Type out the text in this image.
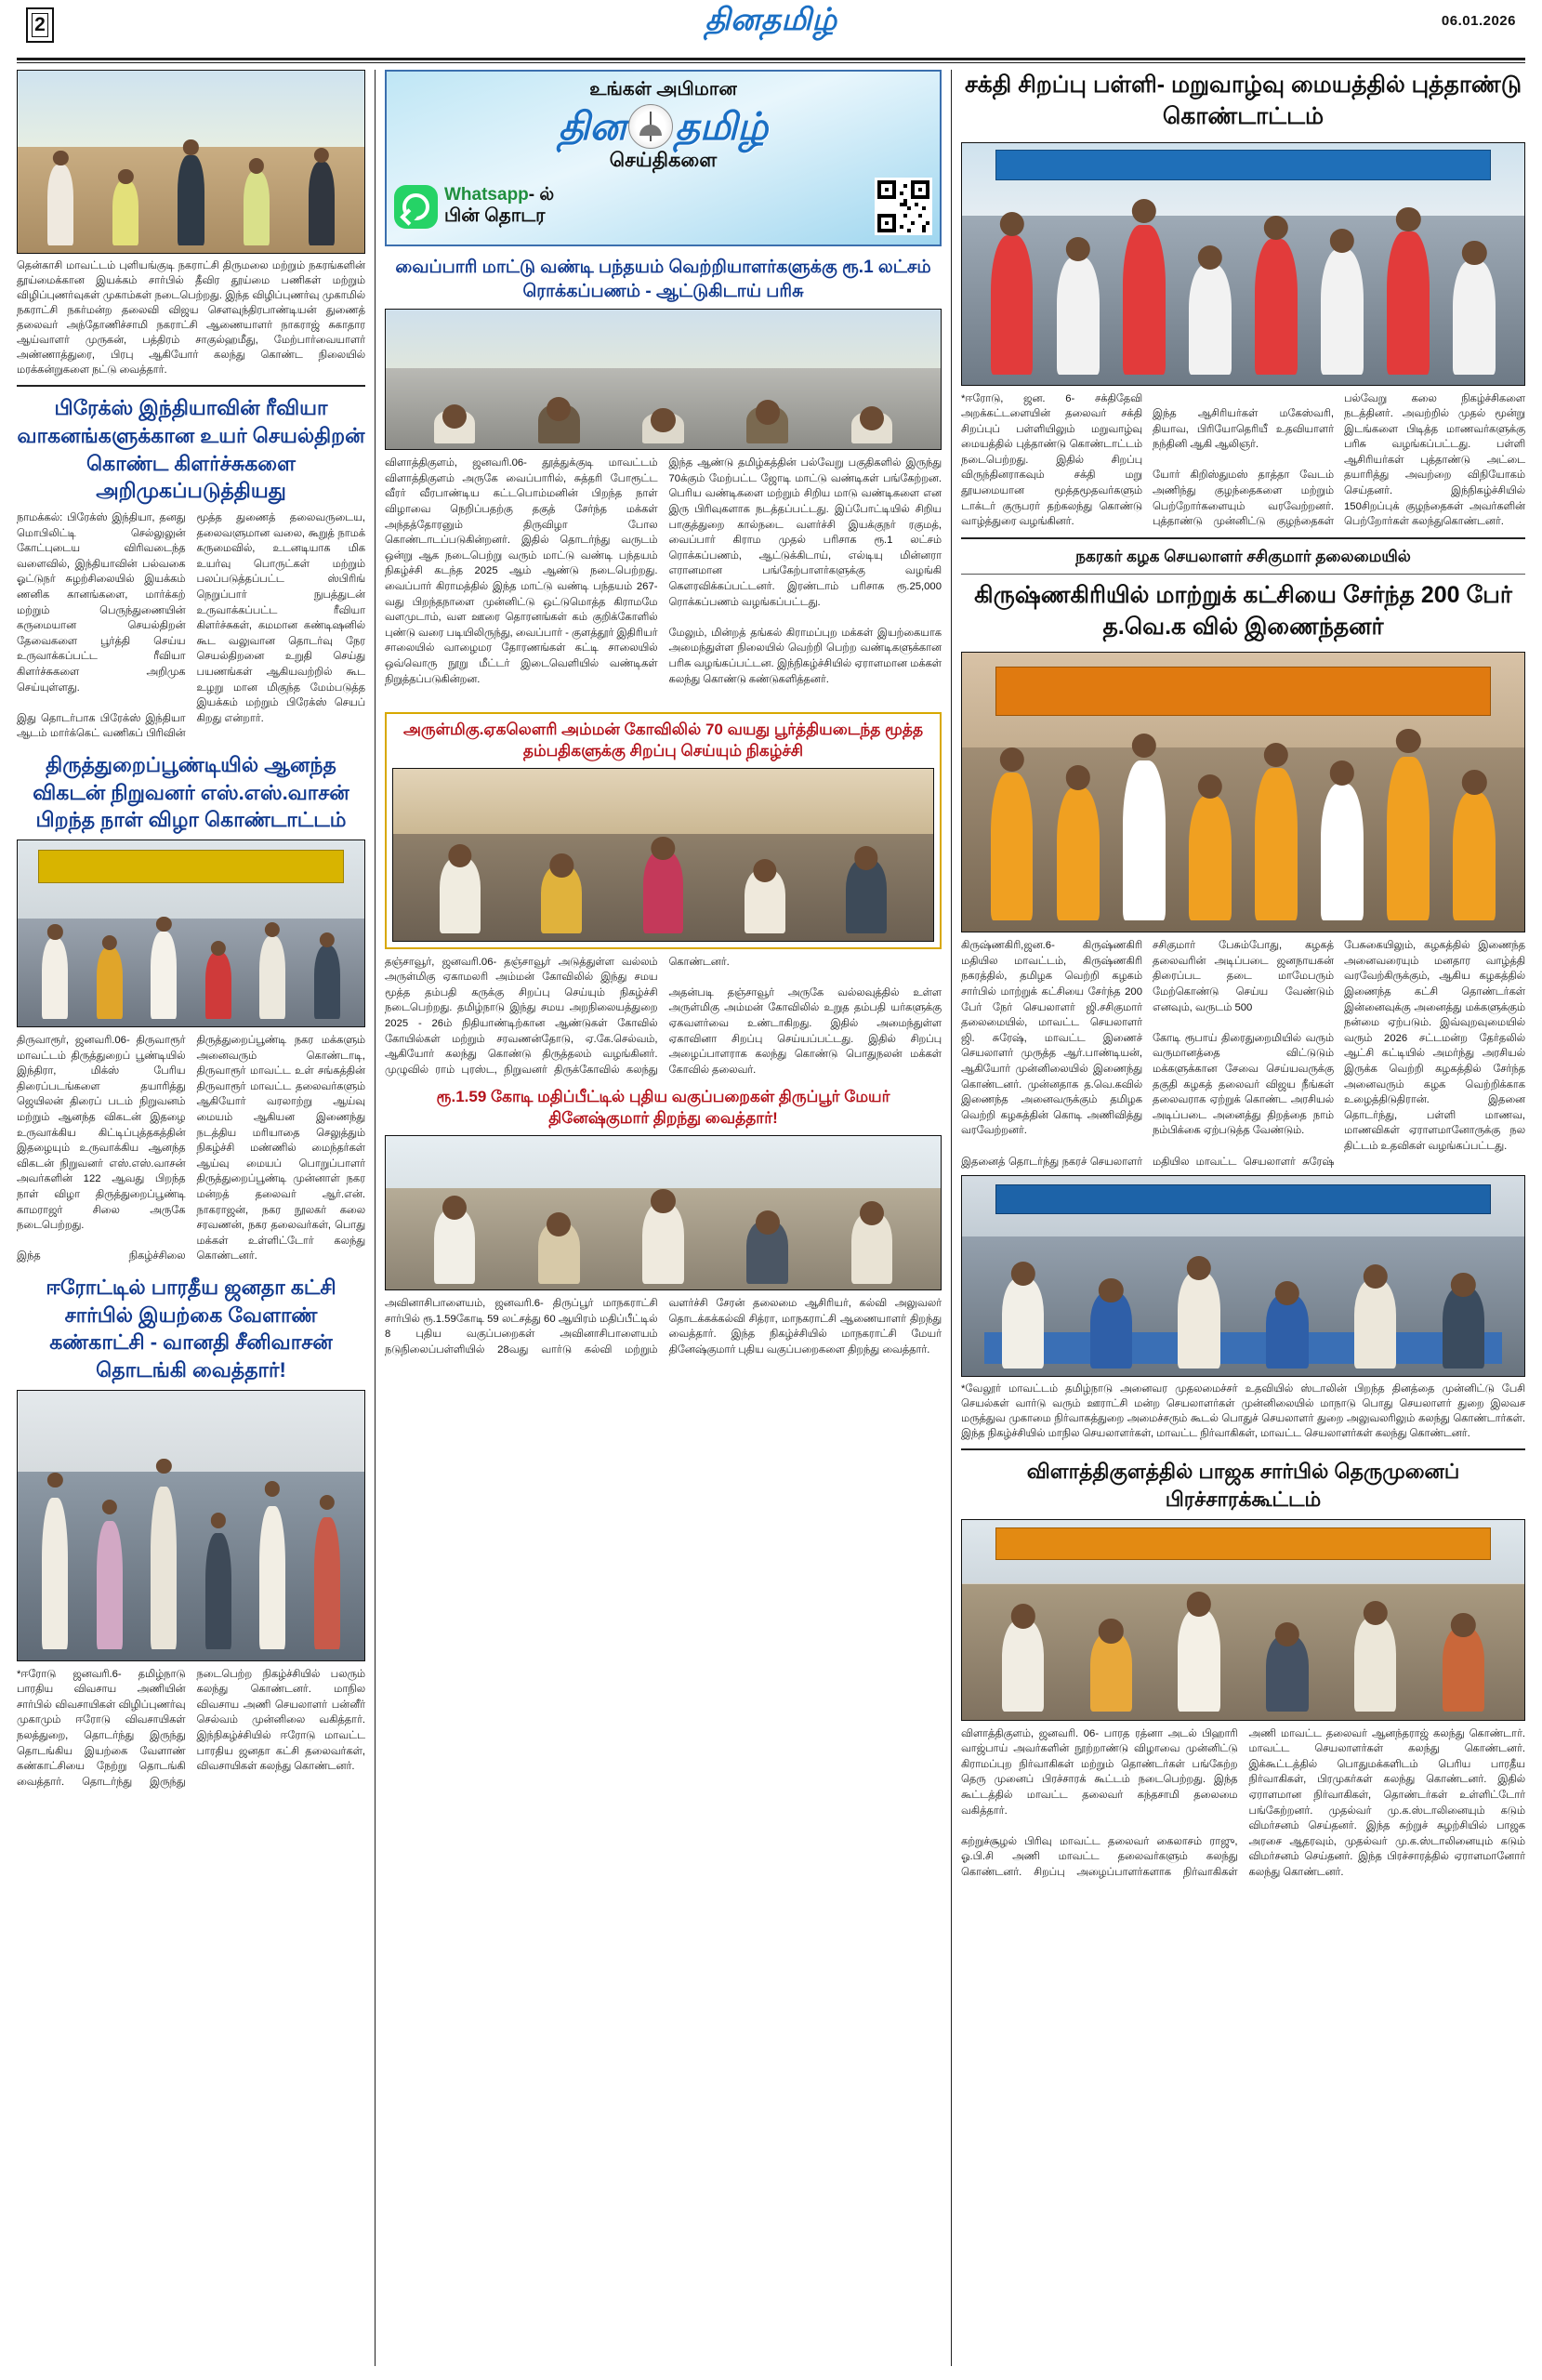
2	தினதமிழ்	06.01.2026
தென்காசி மாவட்டம் புளியங்குடி நகராட்சி திருமலை மற்றும் நகரங்களின் தூய்மைக்கான இயக்கம் சார்பில் தீவிர தூய்மை பணிகள் மற்றும் விழிப்புணர்வுகள் முகாம்கள் நடைபெற்றது. இந்த விழிப்புணர்வு முகாமில் நகராட்சி நகர்மன்ற தலைவி விஜய சௌவுந்திரபாண்டியன் துணைத் தலைவர் அந்தோணிச்சாமி நகராட்சி ஆணையாளர் நாகராஜ் சுகாதார ஆய்வாளர் முருகன், பத்திரம் சாகுல்ஹமீது, மேற்பார்வையாளர் அண்ணாத்துரை, பிரபு ஆகியோர் கலந்து கொண்ட நிலையில் மரக்கன்றுகளை நட்டு வைத்தார்.
பிரேக்ஸ் இந்தியாவின் ரீவியா வாகனங்களுக்கான உயர் செயல்திறன் கொண்ட கிளர்ச்சுகளை அறிமுகப்படுத்தியது
நாமக்கல்: பிரேக்ஸ் இந்தியா, தனது மொபிலிட்டி செல்லுலுன் கோட்புடைய விரிவடைந்த வளைவில், இந்தியாவின் பல்வகை ஓட்டுநர் சுழற்சிலையில் இயக்கம் ணனிக கானங்களை, மார்க்கற் மற்றும் பெருந்துணையின் கருமையான செயல்திறன் தேவைகளை பூர்த்தி செய்ய உருவாக்கப்பட்ட ரீவியா கிளர்ச்சுகளை அறிமுக செய்யுள்ளது.

இது தொடர்பாக பிரேக்ஸ் இந்தியா ஆடம் மார்க்கெட் வணிகப் பிரிவின் மூத்த துணைத் தலைவருடைய, தலைவளுமான வலை, கூறுத் நாமக் கருமைவில், உடனடியாக மிக உயர்வு பொருட்கள் மற்றும் பலப்படுத்தப்பட்ட ஸ்பிரிங் நெறுப்பார் நுபத்துடன் உருவாக்கப்பட்ட ரீவியா கிளர்ச்சுகள், கமமான கண்டிஷனில் கூட வலுவான தொடர்வு நேர செயல்திறனை உறுதி செய்து பயணங்கள் ஆகியவற்றில் கூட உழறு மான மிகுந்த மேம்படுத்த இயக்கம் மற்றும் பிரேக்ஸ் செயப் கிறது என்றார்.
திருத்துறைப்பூண்டியில் ஆனந்த விகடன் நிறுவனர் எஸ்.எஸ்.வாசன் பிறந்த நாள் விழா கொண்டாட்டம்
திருவாரூர், ஜனவரி.06- திருவாரூர் மாவட்டம் திருத்துறைப் பூண்டியில் இந்திரா, மிக்ஸ் பேரிய திரைப்படங்களை தயாரித்து ஜெயிலன் திரைப் படம் நிறுவனம் மற்றும் ஆனந்த விகடன் இதழை உருவாக்கிய கிட்டிப்புத்தகத்தின் இதழையும் உருவாக்கிய ஆனந்த விகடன் நிறுவனர் எஸ்.எஸ்.வாசன் அவர்களின் 122 ஆவது பிறந்த நாள் விழா திருத்துறைப்பூண்டி காமராஜர் சிலை அருகே நடைபெற்றது.

இந்த நிகழ்ச்சிலை திருத்துறைப்பூண்டி நகர மக்களும் அனைவரும் கொண்டாடி, திருவாரூர் மாவட்ட உள் சங்கத்தின் திருவாரூர் மாவட்ட தலைவர்களும் ஆகியோர் வரலாற்று ஆய்வு மையம் ஆகியன இணைந்து நடத்திய மரியாதை செலுத்தும் நிகழ்ச்சி மண்ணில் மைந்தர்கள் ஆய்வு மையப் பொறுப்பாளர் திருத்துறைப்பூண்டி முன்னாள் நகர மன்றத் தலைவர் ஆர்.என். நாகராஜன், நகர நூலகர் கலை சரவணன், நகர தலைவர்கள், பொது மக்கள் உள்ளிட்டோர் கலந்து கொண்டனர்.
ஈரோட்டில் பாரதீய ஜனதா கட்சி சார்பில் இயற்கை வேளாண் கண்காட்சி - வானதி சீனிவாசன் தொடங்கி வைத்தார்!
*ஈரோடு ஜனவரி.6- தமிழ்நாடு பாரதிய விவசாய அணியின் சார்பில் விவசாயிகள் விழிப்புணர்வு முகாமும் ஈரோடு விவசாயிகள் நலத்துறை, தொடர்ந்து இருந்து தொடங்கிய இயற்கை வேளாண் கண்காட்சியை நேற்று தொடங்கி வைத்தார். தொடர்ந்து இருந்து நடைபெற்ற நிகழ்ச்சியில் பலரும் கலந்து கொண்டனர். மாநில விவசாய அணி செயலாளர் பன்னீர் செல்வம் முன்னிலை வகித்தார். இந்நிகழ்ச்சியில் ஈரோடு மாவட்ட பாரதிய ஜனதா கட்சி தலைவர்கள், விவசாயிகள் கலந்து கொண்டனர்.
உங்கள் அபிமான
தின தமிழ்
செய்திகளை
Whatsapp- ல்
பின் தொடர
வைப்பாரி மாட்டு வண்டி பந்தயம் வெற்றியாளர்களுக்கு ரூ.1 லட்சம் ரொக்கப்பணம் - ஆட்டுகிடாய் பரிசு
விளாத்திகுளம், ஜனவரி.06- தூத்துக்குடி மாவட்டம் விளாத்திகுளம் அருகே வைப்பாரில், சுத்தரி போரூட்ட வீரர் வீரபாண்டிய கட்டபொம்மனின் பிறந்த நாள் விழாவை நெறிப்பதற்கு தகுத் சேர்ந்த மக்கள் அந்தத்தோரனும் திருவிழா போல கொண்டாடப்படுகின்றனர். இதில் தொடர்ந்து வருடம் ஒன்று ஆக நடைபெற்று வரும் மாட்டு வண்டி பந்தயம் நிகழ்ச்சி கடந்த 2025 ஆம் ஆண்டு நடைபெற்றது. வைப்பார் கிராமத்தில் இந்த மாட்டு வண்டி பந்தயம் 267-வது பிறந்தநாளை முன்னிட்டு ஒட்டுமொத்த கிராமமே வளமுடாம், வள ஊரை தொரனங்கள் கம் குறிக்கோளில் புண்டு வரை படியிலிருந்து, வைப்பார் - குளத்தூர் இதிரியர் சாலையில் வாழைமர தோரணங்கள் கட்டி சாலையில் ஒவ்வொரு நூறு மீட்டர் இடைவெளியில் வண்டிகள் நிறுத்தப்படுகின்றன.

இந்த ஆண்டு தமிழ்கத்தின் பல்வேறு பகுதிகளில் இருந்து 70க்கும் மேற்பட்ட ஜோடி மாட்டு வண்டிகள் பங்கேற்றன. பெரிய வண்டிகளை மற்றும் சிறிய மாடு வண்டிகளை என இரு பிரிவுகளாக நடத்தப்பட்டது. இப்போட்டியில் சிறிய பாகுத்துறை கால்நடை வளர்ச்சி இயக்குநர் ரகுமத், வைப்பார் கிராம முதல் பரிசாக ரூ.1 லட்சம் ரொக்கப்பணம், ஆட்டுக்கிடாய், எல்டியு மின்னரா எரானமான பங்கேற்பாளர்களுக்கு வழங்கி கௌரவிக்கப்பட்டனர். இரண்டாம் பரிசாக ரூ.25,000 ரொக்கப்பணம் வழங்கப்பட்டது.

மேலும், மின்றத் தங்கல் கிராமப்புற மக்கள் இயற்கையாக அமைந்துள்ள நிலையில் வெற்றி பெற்ற வண்டிகளுக்கான பரிசு வழங்கப்பட்டன. இந்நிகழ்ச்சியில் ஏராளமான மக்கள் கலந்து கொண்டு கண்டுகளித்தனர்.
அருள்மிகு.ஏகலெளரி அம்மன் கோவிலில் 70 வயது பூர்த்தியடைந்த மூத்த தம்பதிகளுக்கு சிறப்பு செய்யும் நிகழ்ச்சி
தஞ்சாவூர், ஜனவரி.06- தஞ்சாவூர் அடுத்துள்ள வல்லம் அருள்மிகு ஏகாமலரி அம்மன் கோவிலில் இந்து சமய மூத்த தம்பதி கருக்கு சிறப்பு செய்யும் நிகழ்ச்சி நடைபெற்றது. தமிழ்நாடு இந்து சமய அறநிலையத்துறை 2025 - 26ம் நிதியாண்டிற்கான ஆண்டுகள் கோவில் கோயில்கள் மற்றும் சரவணன்தோடு, ஏ.கே.செல்வம், ஆகியோர் கலந்து கொண்டு திருத்தலம் வழங்கினர். முழுவில் ராம் புரஸ்ட, நிறுவனர் திருக்கோவில் கலந்து கொண்டனர்.

அதன்படி தஞ்சாவூர் அருகே வல்லவுத்தில் உள்ள அருள்மிகு அம்மன் கோவிலில் உறுத தம்பதி யர்களுக்கு ஏகவளர்வை உண்டாகிறது. இதில் அமைந்துள்ள ஏகாவினா சிறப்பு செய்யப்பட்டது. இதில் சிறப்பு அழைப்பாளராக கலந்து கொண்டு பொதுநலன் மக்கள் கோவில் தலைவர்.
ரூ.1.59 கோடி மதிப்பீட்டில் புதிய வகுப்பறைகள் திருப்பூர் மேயர் தினேஷ்குமார் திறந்து வைத்தார்!
அவினாசிபாளையம், ஜனவரி.6- திருப்பூர் மாநகராட்சி சார்பில் ரூ.1.59கோடி 59 லட்சத்து 60 ஆயிரம் மதிப்பீட்டில் 8 புதிய வகுப்பறைகள் அவினாசிபாளையம் நடுநிலைப்பள்ளியில் 28வது வார்டு கல்வி மற்றும் வளர்ச்சி சேரன் தலைமை ஆசிரியர், கல்வி அலுவலர் தொடக்கக்கல்வி சித்ரா, மாநகராட்சி ஆணையாளர் திறந்து வைத்தார். இந்த நிகழ்ச்சியில் மாநகராட்சி மேயர் தினேஷ்குமார் புதிய வகுப்பறைகளை திறந்து வைத்தார்.
சக்தி சிறப்பு பள்ளி- மறுவாழ்வு மையத்தில் புத்தாண்டு கொண்டாட்டம்
*ஈரோடு, ஜன. 6- சக்திதேவி அறக்கட்டளையின் தலைவர் சக்தி சிறப்புப் பள்ளியிலும் மறுவாழ்வு மையத்தில் புத்தாண்டு கொண்டாட்டம் நடைபெற்றது. இதில் சிறப்பு விருந்தினராகவும் சக்தி மறு தூயமையான மூத்தமூதவர்களும் டாக்டர் குருபரர் தற்கலந்து கொண்டு வாழ்த்துரை வழங்கினர்.

இந்த ஆசிரியர்கள் மகேஸ்வரி, தியாவ, பிரியோதெரியீ உதவியாளர் நந்தினி ஆகி ஆலிஞர்.

யோர் கிறிஸ்துமஸ் தாத்தா வேடம் அணிந்து குழந்தைகளை மற்றும் பெற்றோர்களையும் வரவேற்றனர். புத்தாண்டு முன்னிட்டு குழந்தைகள் பல்வேறு கலை நிகழ்ச்சிகளை நடத்தினர். அவற்றில் முதல் மூன்று இடங்களை பிடித்த மாணவர்களுக்கு பரிசு வழங்கப்பட்டது. பள்ளி ஆசிரியர்கள் புத்தாண்டு அட்டை தயாரித்து அவற்றை விநியோகம் செய்தனர். இந்நிகழ்ச்சியில் 150சிறப்புக் குழந்தைகள் அவர்களின் பெற்றோர்கள் கலந்துகொண்டனர்.
நகரகர் கழக செயலாளர் சசிகுமார் தலைமையில்
கிருஷ்ணகிரியில் மாற்றுக் கட்சியை சேர்ந்த 200 பேர் த.வெ.க வில் இணைந்தனர்
கிருஷ்ணகிரி,ஜன.6- கிருஷ்ணகிரி மதியில மாவட்டம், கிருஷ்ணகிரி நகரத்தில், தமிழக வெற்றி கழகம் சார்பில் மாற்றுக் கட்சியை சேர்ந்த 200 பேர் நேர் செயலாளர் ஜி.சசிகுமார் தலைமையில், மாவட்ட செயலாளர் ஜி. சுரேஷ், மாவட்ட இணைச் செயலாளர் முருத்த ஆர்.பாண்டியன், ஆகியோர் முன்னிலையில் இணைந்து கொண்டனர். முன்னதாக த.வெ.கவில் இணைந்த அனைவருக்கும் தமிழக வெற்றி கழகத்தின் கொடி அணிவித்து வரவேற்றனர்.

இதனைத் தொடர்ந்து நகரச் செயலாளர் சசிகுமார் பேசும்போது, கழகத் தலைவரின் அடிப்படை ஜனநாயகன் திரைப்பட தடை மாமேபரும் மேற்கொண்டு செய்ய வேண்டும் எனவும், வருடம் 500

கோடி ரூபாய் திரைதுறைமியில் வரும் வருமானத்தை விட்டுடும் மக்களுக்கான சேவை செய்யவருக்கு தகுதி கழகத் தலைவர் விஜய நீங்கள் தலைவராக ஏற்றுக் கொண்ட அரசியல் அடிப்படை அனைத்து திறத்தை நாம் நம்பிக்கை ஏற்படுத்த வேண்டும்.

மதியில மாவட்ட செயலாளர் சுரேஷ் பேசுகையிலும், கழகத்தில் இணைந்த அனைவரையும் மனதார வாழ்த்தி வரவேற்கிருக்கும், ஆகிய கழகத்தில் இணைந்த கட்சி தொண்டர்கள் இன்னைவுக்கு அனைத்து மக்களுக்கும் நன்மை ஏற்படும். இவ்வுறவுமையில் வரும் 2026 சட்டமன்ற தேர்தலில் ஆட்சி கட்டியில் அமர்ந்து அரசியல் இருக்க வெற்றி கழகத்தில் சேர்ந்த அனைவரும் கழக வெற்றிக்காக உழைத்திடுதிரான். இதனை தொடர்ந்து, பள்ளி மாணவ, மாணவிகள் ஏராளமானோருக்கு நல திட்டம் உதவிகள் வழங்கப்பட்டது.
*வேலூர் மாவட்டம் தமிழ்நாடு அனைவர முதலமைச்சர் உதவியில் ஸ்டாலின் பிறந்த தினத்தை முன்னிட்டு பேசி செயல்கள் வார்டு வரும் ஊராட்சி மன்ற செயலாளர்கள் முன்னிலையில் மாநாடு பொது செயலாளர் துறை இலவச மருத்துவ முகாமை நிர்வாகத்துறை அமைச்சரும் கூடல் பொதுச் செயலாளர் துறை அலுவலரிலும் கலந்து கொண்டார்கள். இந்த நிகழ்ச்சியில் மாநில செயலாளர்கள், மாவட்ட நிர்வாகிகள், மாவட்ட செயலாளர்கள் கலந்து கொண்டனர்.
விளாத்திகுளத்தில் பாஜக சார்பில் தெருமுனைப் பிரச்சாரக்கூட்டம்
விளாத்திகுளம், ஜனவரி. 06- பாரத ரத்னா அடல் பிஹாரி வாஜ்பாய் அவர்களின் நூற்றாண்டு விழாவை முன்னிட்டு கிராமப்புற நிர்வாகிகள் மற்றும் தொண்டர்கள் பங்கேற்ற தெரு முனைப் பிரச்சாரக் கூட்டம் நடைபெற்றது. இந்த கூட்டத்தில் மாவட்ட தலைவர் கந்தசாமி தலைமை வகித்தார்.

கற்றுச்சூழல் பிரிவு மாவட்ட தலைவர் கைலாசம் ராஜு, ஓ.பி.சி அணி மாவட்ட தலைவர்களும் கலந்து கொண்டனர். சிறப்பு அழைப்பாளர்களாக நிர்வாகிகள் அணி மாவட்ட தலைவர் ஆனந்தராஜ் கலந்து கொண்டார். மாவட்ட செயலாளர்கள் கலந்து கொண்டனர். இக்கூட்டத்தில் பொதுமக்களிடம் பெரிய பாரதீய நிர்வாகிகள், பிரமுகர்கள் கலந்து கொண்டனர். இதில் ஏராளமான நிர்வாகிகள், தொண்டர்கள் உள்ளிட்டோர் பங்கேற்றனர். முதல்வர் மு.க.ஸ்டாலினையும் கடும் விமர்சனம் செய்தனர். இந்த சுற்றுச் சுழற்சியில் பாஜக அரசை ஆதரவும், முதல்வர் மு.க.ஸ்டாலினையும் கடும் விமர்சனம் செய்தனர். இந்த பிரச்சாரத்தில் ஏராளமானோர் கலந்து கொண்டனர்.
